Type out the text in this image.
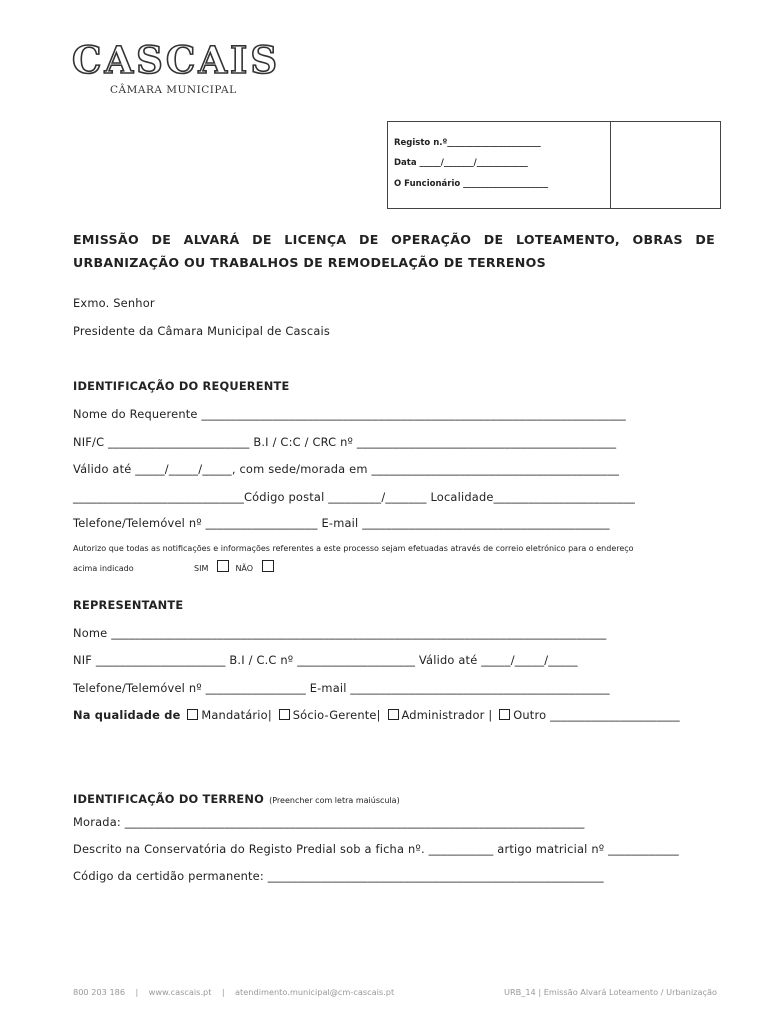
CASCAIS
CÂMARA MUNICIPAL
Registo n.º______________________
Data _____/_______/____________
O Funcionário ____________________
EMISSÃO DE ALVARÁ DE LICENÇA DE OPERAÇÃO DE LOTEAMENTO, OBRAS DE
URBANIZAÇÃO OU TRABALHOS DE REMODELAÇÃO DE TERRENOS
Exmo. Senhor
Presidente da Câmara Municipal de Cascais
IDENTIFICAÇÃO DO REQUERENTE
Nome do Requerente ________________________________________________________________________
NIF/C ________________________ B.I / C:C / CRC nº ____________________________________________
Válido até _____/_____/_____, com sede/morada em __________________________________________
_____________________________Código postal _________/_______ Localidade________________________
Telefone/Telemóvel nº ___________________ E-mail __________________________________________
Autorizo que todas as notificações e informações referentes a este processo sejam efetuadas através de correio eletrónico para o endereço
acima indicado	SIM	NÃO
REPRESENTANTE
Nome ____________________________________________________________________________________
NIF ______________________ B.I / C.C nº ____________________ Válido até _____/_____/_____
Telefone/Telemóvel nº _________________ E-mail ____________________________________________
Na qualidade de Mandatário| Sócio-Gerente| Administrador | Outro ______________________
IDENTIFICAÇÃO DO TERRENO (Preencher com letra maiúscula)
Morada: ______________________________________________________________________________
Descrito na Conservatória do Registo Predial sob a ficha nº. ___________ artigo matricial nº ____________
Código da certidão permanente: _________________________________________________________
800 203 186    |    www.cascais.pt    |    atendimento.municipal@cm-cascais.pt	URB_14 | Emissão Alvará Loteamento / Urbanização
